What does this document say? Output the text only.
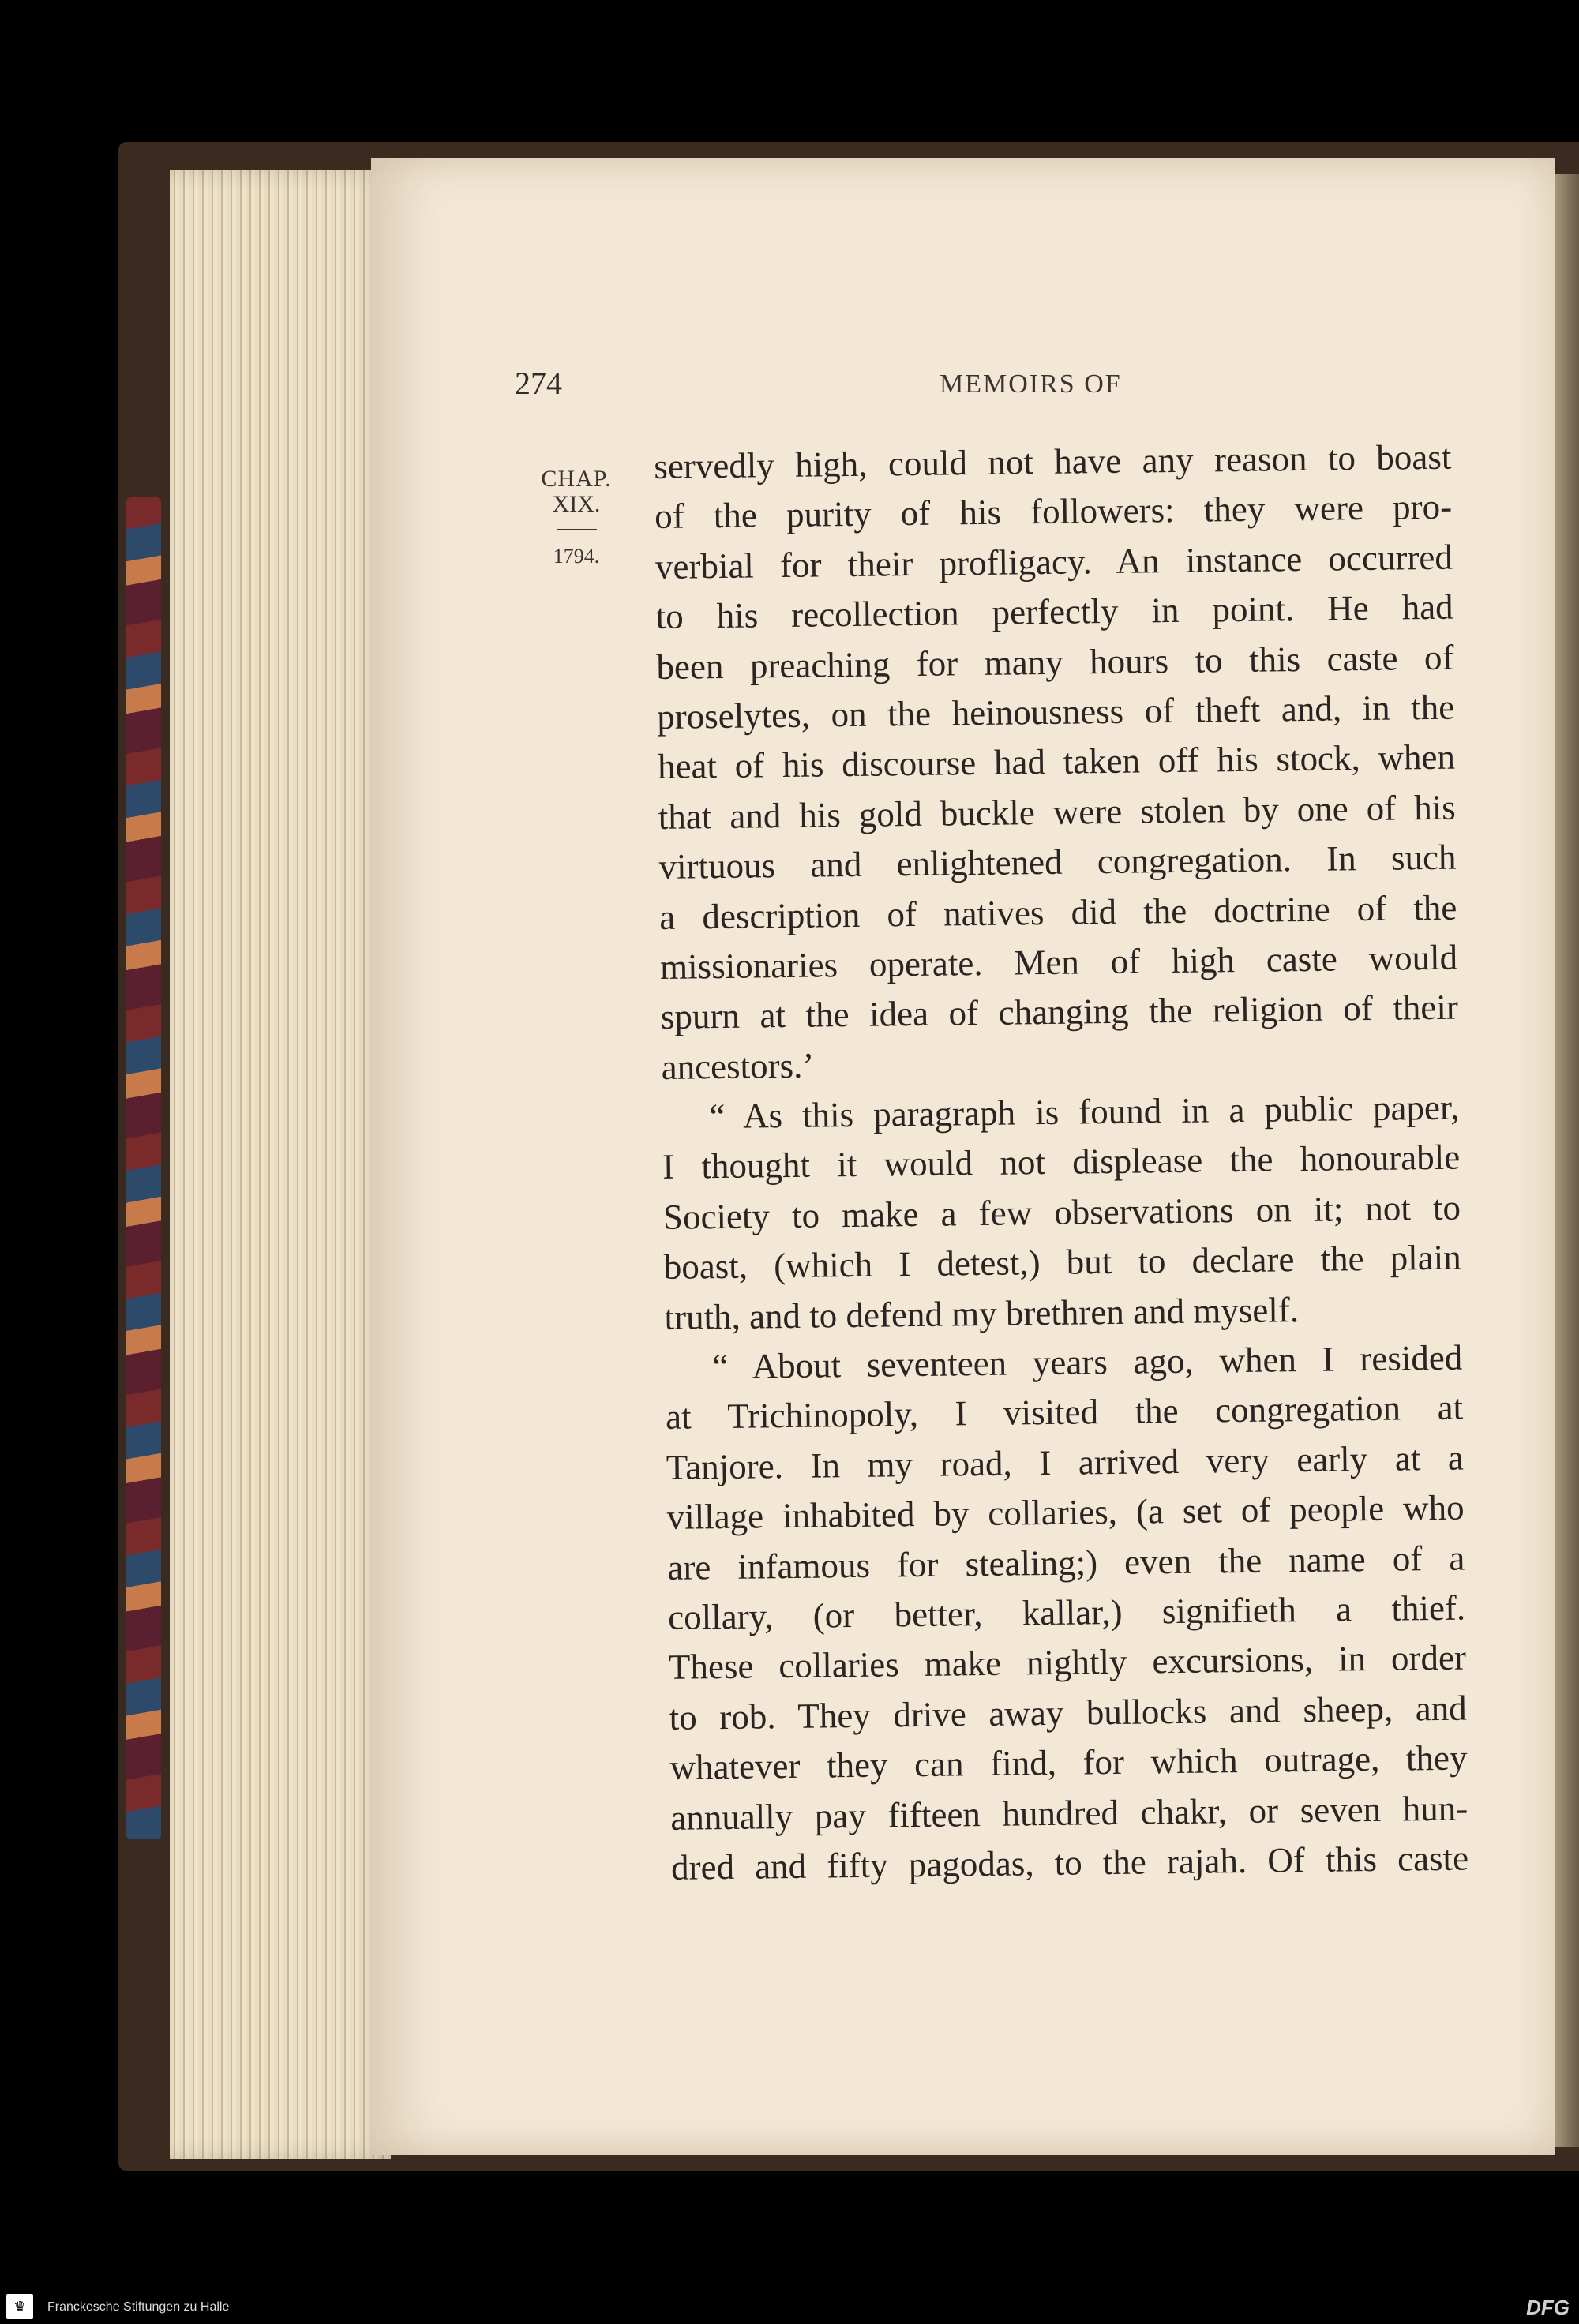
274	MEMOIRS OF
CHAP.
XIX.
1794.
servedly high, could not have any reason to boast
of the purity of his followers: they were pro-
verbial for their profligacy. An instance occurred
to his recollection perfectly in point. He had
been preaching for many hours to this caste of
proselytes, on the heinousness of theft and, in the
heat of his discourse had taken off his stock, when
that and his gold buckle were stolen by one of his
virtuous and enlightened congregation. In such
a description of natives did the doctrine of the
missionaries operate. Men of high caste would
spurn at the idea of changing the religion of their
ancestors.’
“ As this paragraph is found in a public paper,
I thought it would not displease the honourable
Society to make a few observations on it; not to
boast, (which I detest,) but to declare the plain
truth, and to defend my brethren and myself.
“ About seventeen years ago, when I resided
at Trichinopoly, I visited the congregation at
Tanjore. In my road, I arrived very early at a
village inhabited by collaries, (a set of people who
are infamous for stealing;) even the name of a
collary, (or better, kallar,) signifieth a thief.
These collaries make nightly excursions, in order
to rob. They drive away bullocks and sheep, and
whatever they can find, for which outrage, they
annually pay fifteen hundred chakr, or seven hun-
dred and fifty pagodas, to the rajah. Of this caste
♛	Franckesche Stiftungen zu Halle	DFG
